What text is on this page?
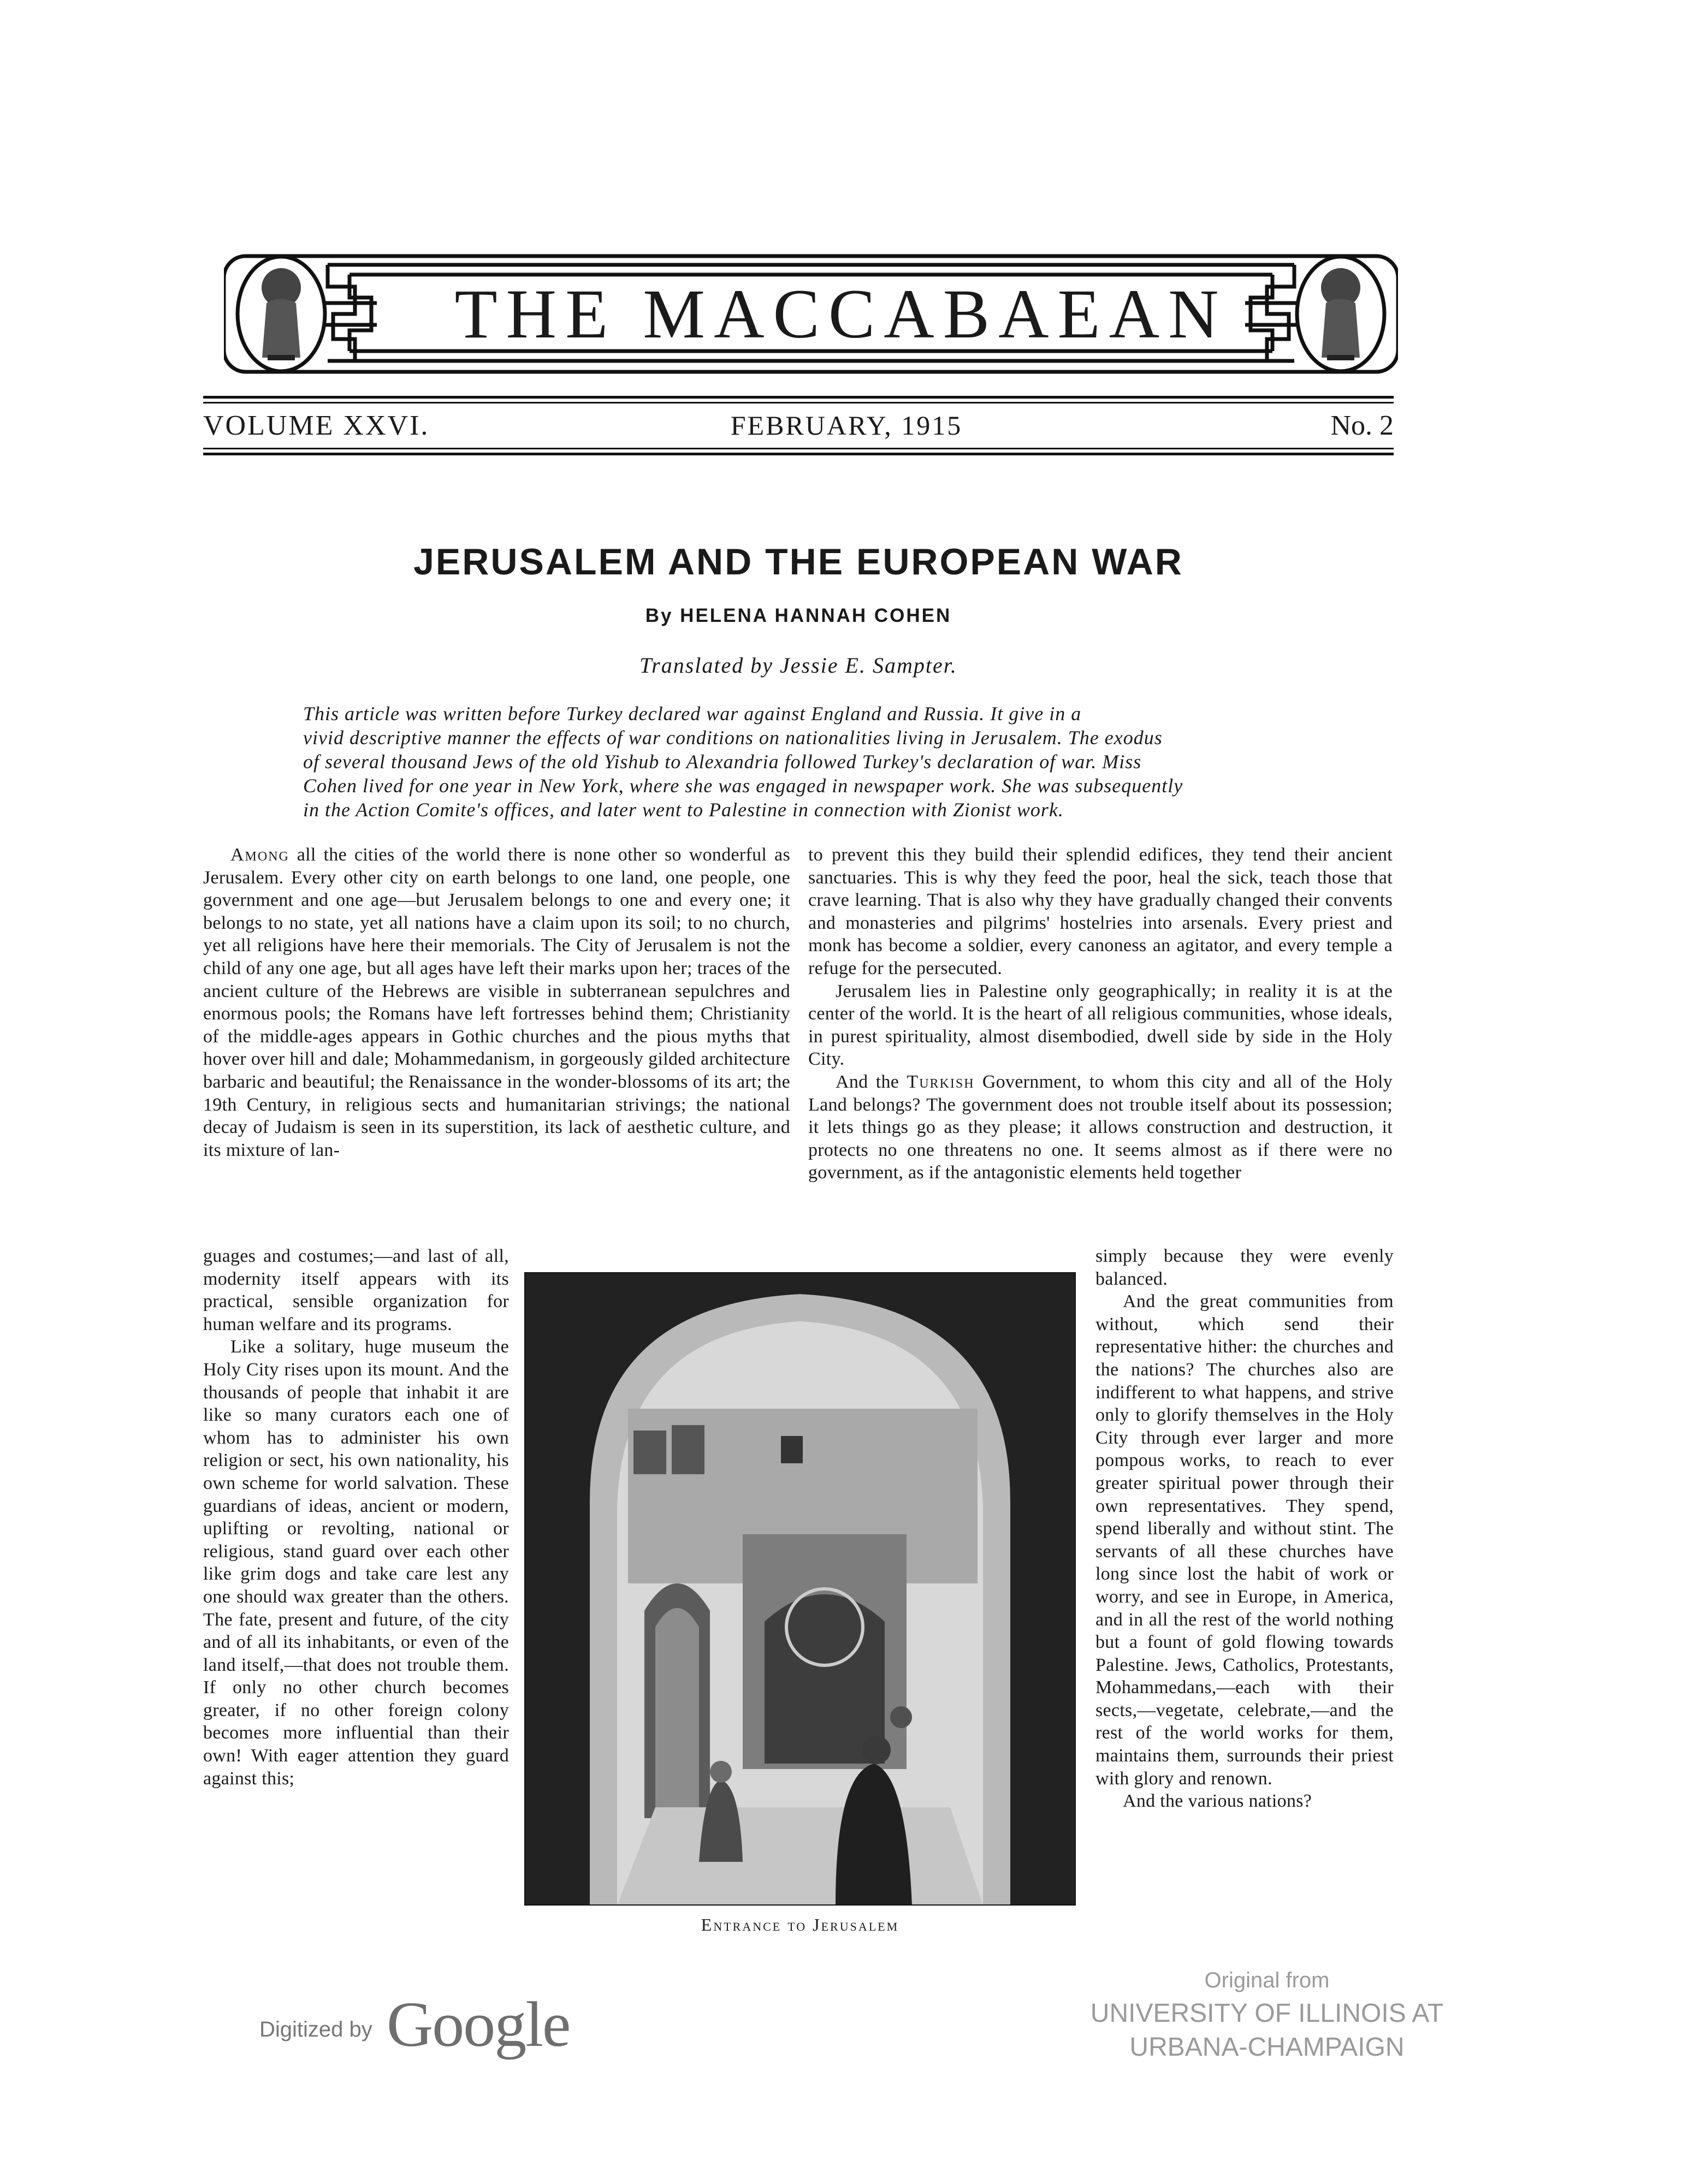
THE MACCABAEAN
VOLUME XXVI.	FEBRUARY, 1915	No. 2
JERUSALEM AND THE EUROPEAN WAR
By HELENA HANNAH COHEN
Translated by Jessie E. Sampter.
This article was written before Turkey declared war against England and Russia. It give in a
vivid descriptive manner the effects of war conditions on nationalities living in Jerusalem. The exodus
of several thousand Jews of the old Yishub to Alexandria followed Turkey's declaration of war. Miss
Cohen lived for one year in New York, where she was engaged in newspaper work. She was subsequently
in the Action Comite's offices, and later went to Palestine in connection with Zionist work.

Among all the cities of the world there is none other so wonderful as Jerusalem. Every other city on earth belongs to one land, one people, one government and one age—but Jerusalem belongs to one and every one; it belongs to no state, yet all nations have a claim upon its soil; to no church, yet all religions have here their memorials. The City of Jerusalem is not the child of any one age, but all ages have left their marks upon her; traces of the ancient culture of the Hebrews are visible in subterranean sepulchres and enormous pools; the Romans have left fortresses behind them; Christianity of the middle-ages appears in Gothic churches and the pious myths that hover over hill and dale; Mohammedanism, in gorgeously gilded architecture barbaric and beautiful; the Renaissance in the wonder-blossoms of its art; the 19th Century, in religious sects and humanitarian strivings; the national decay of Judaism is seen in its superstition, its lack of aesthetic culture, and its mixture of lan-

to prevent this they build their splendid edifices, they tend their ancient sanctuaries. This is why they feed the poor, heal the sick, teach those that crave learning. That is also why they have gradually changed their convents and monasteries and pilgrims' hostelries into arsenals. Every priest and monk has become a soldier, every canoness an agitator, and every temple a refuge for the persecuted.

Jerusalem lies in Palestine only geographically; in reality it is at the center of the world. It is the heart of all religious communities, whose ideals, in purest spirituality, almost disembodied, dwell side by side in the Holy City.

And the Turkish Government, to whom this city and all of the Holy Land belongs? The government does not trouble itself about its possession; it lets things go as they please; it allows construction and destruction, it protects no one threatens no one. It seems almost as if there were no government, as if the antagonistic elements held together

guages and costumes;—and last of all, modernity itself appears with its practical, sensible organization for human welfare and its programs.

Like a solitary, huge museum the Holy City rises upon its mount. And the thousands of people that inhabit it are like so many curators each one of whom has to administer his own religion or sect, his own nationality, his own scheme for world salvation. These guardians of ideas, ancient or modern, uplifting or revolting, national or religious, stand guard over each other like grim dogs and take care lest any one should wax greater than the others. The fate, present and future, of the city and of all its inhabitants, or even of the land itself,—that does not trouble them. If only no other church becomes greater, if no other foreign colony becomes more influential than their own! With eager attention they guard against this;

simply because they were evenly balanced.

And the great communities from without, which send their representative hither: the churches and the nations? The churches also are indifferent to what happens, and strive only to glorify themselves in the Holy City through ever larger and more pompous works, to reach to ever greater spiritual power through their own representatives. They spend, spend liberally and without stint. The servants of all these churches have long since lost the habit of work or worry, and see in Europe, in America, and in all the rest of the world nothing but a fount of gold flowing towards Palestine. Jews, Catholics, Protestants, Mohammedans,—each with their sects,—vegetate, celebrate,—and the rest of the world works for them, maintains them, surrounds their priest with glory and renown.

And the various nations?

Entrance to Jerusalem
Digitized by Google
Original from
UNIVERSITY OF ILLINOIS AT
URBANA-CHAMPAIGN
